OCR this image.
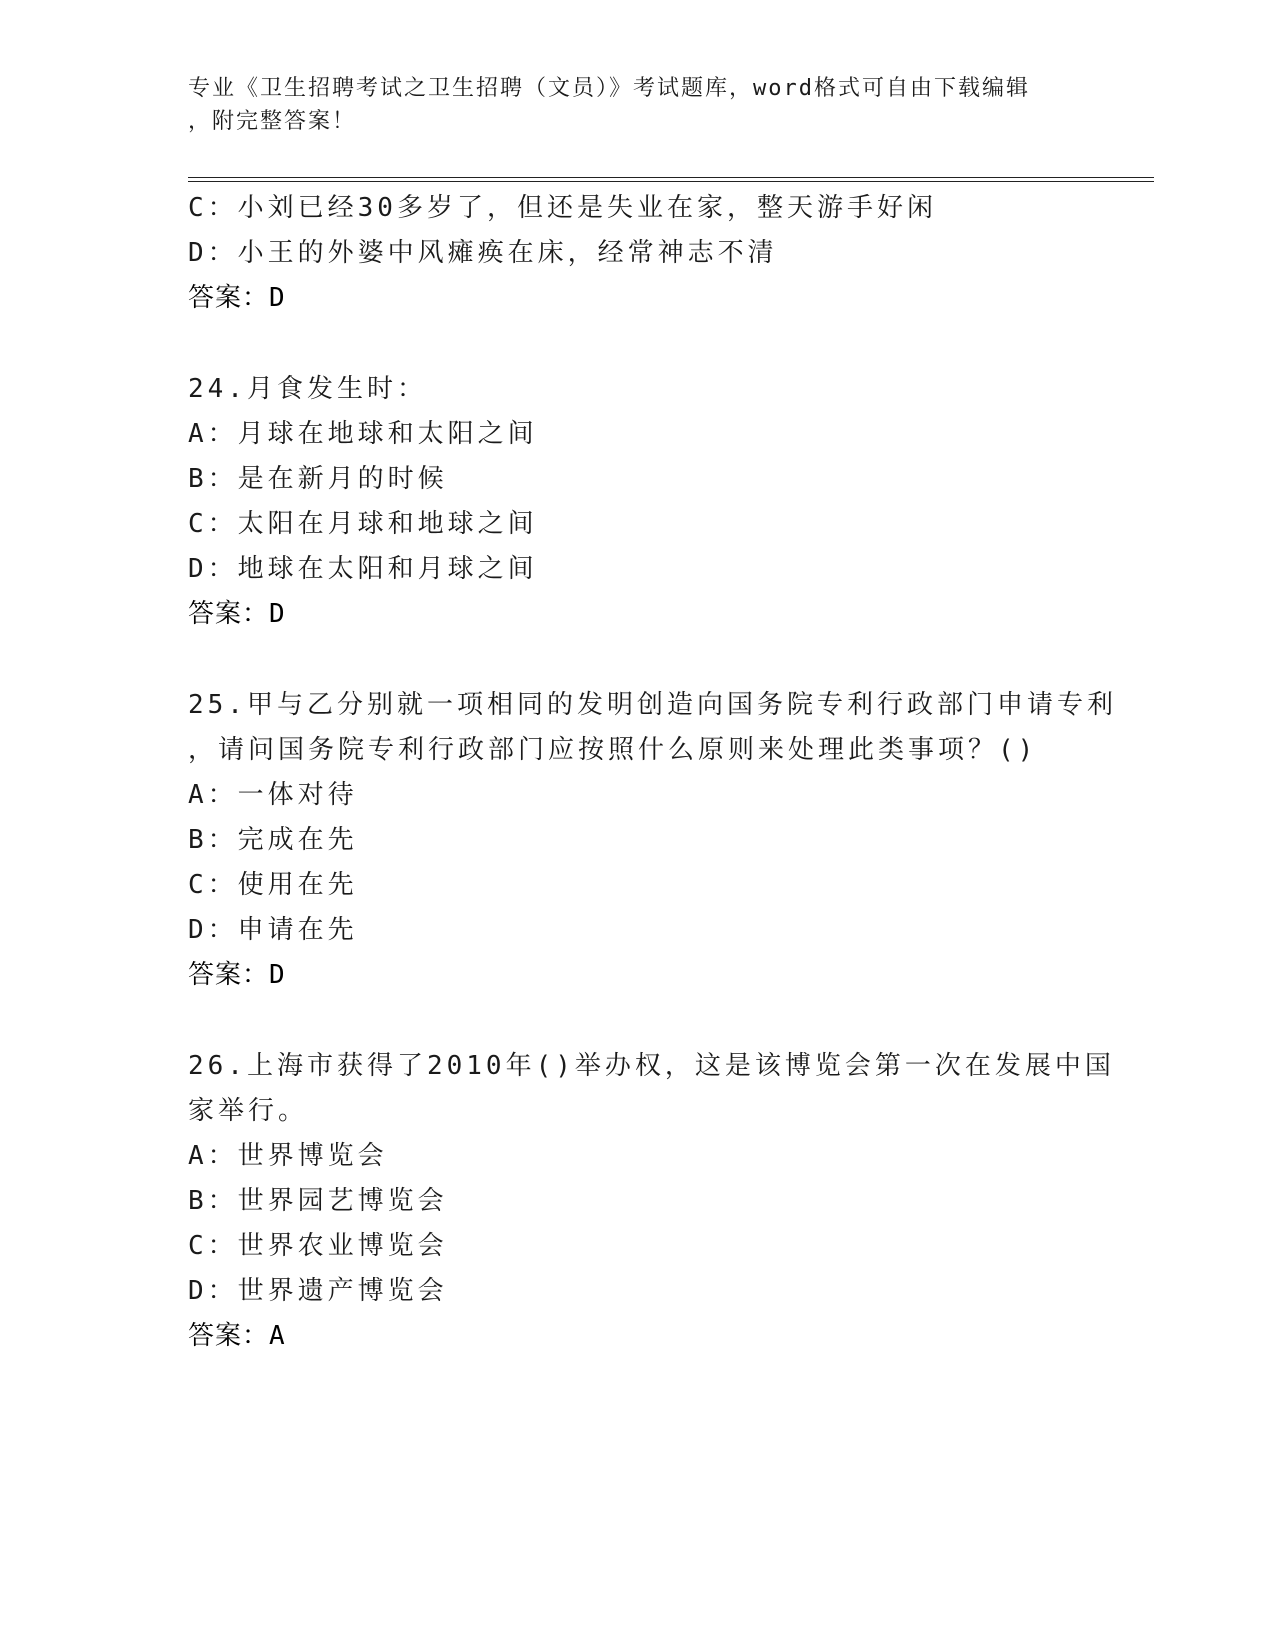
专业《卫生招聘考试之卫生招聘（文员）》考试题库，word格式可自由下载编辑
，附完整答案！
C：小刘已经30多岁了，但还是失业在家，整天游手好闲
D：小王的外婆中风瘫痪在床，经常神志不清
答案：D
24.月食发生时：
A：月球在地球和太阳之间
B：是在新月的时候
C：太阳在月球和地球之间
D：地球在太阳和月球之间
答案：D
25.甲与乙分别就一项相同的发明创造向国务院专利行政部门申请专利
，请问国务院专利行政部门应按照什么原则来处理此类事项？()
A：一体对待
B：完成在先
C：使用在先
D：申请在先
答案：D
26.上海市获得了2010年()举办权，这是该博览会第一次在发展中国
家举行。
A：世界博览会
B：世界园艺博览会
C：世界农业博览会
D：世界遗产博览会
答案：A
